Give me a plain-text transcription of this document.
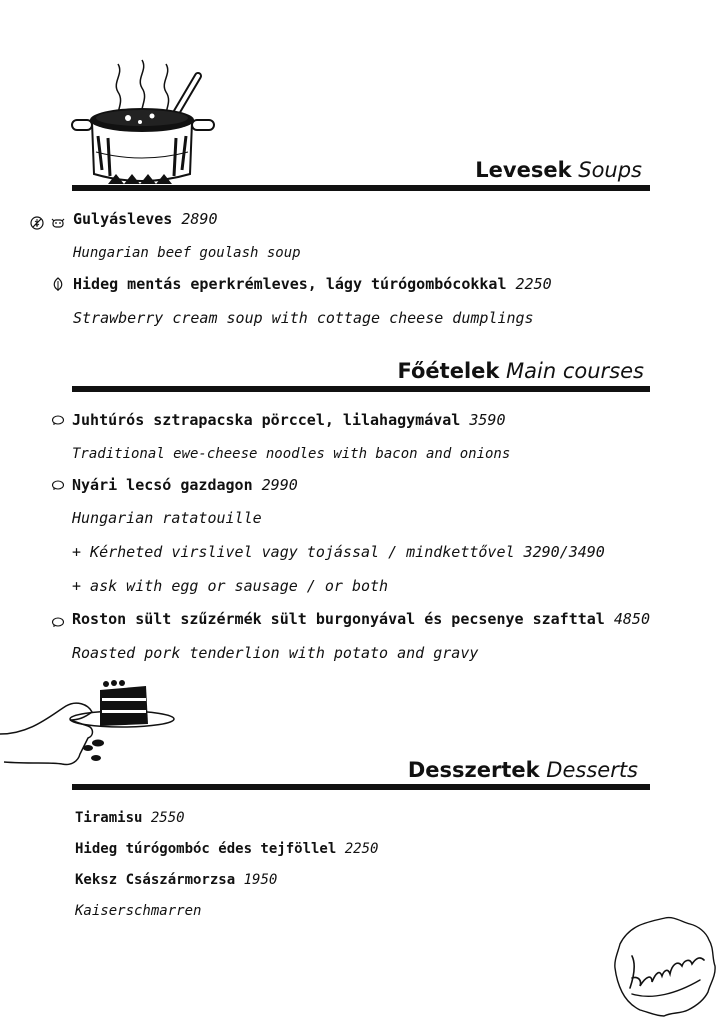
Levesek Soups
Gulyásleves 2890
Hungarian beef goulash soup
Hideg mentás eperkrémleves, lágy túrógombócokkal 2250
Strawberry cream soup with cottage cheese dumplings
Főételek Main courses
Juhtúrós sztrapacska pörccel, lilahagymával 3590
Traditional ewe-cheese noodles with bacon and onions
Nyári lecsó gazdagon 2990
Hungarian ratatouille
+ Kérheted virslivel vagy tojással / mindkettővel 3290/3490
+ ask with egg or sausage / or both
Roston sült szűzérmék sült burgonyával és pecsenye szafttal 4850
Roasted pork tenderlion with potato and gravy
Desszertek Desserts
Tiramisu 2550
Hideg túrógombóc édes tejföllel 2250
Keksz Császármorzsa 1950
Kaiserschmarren
